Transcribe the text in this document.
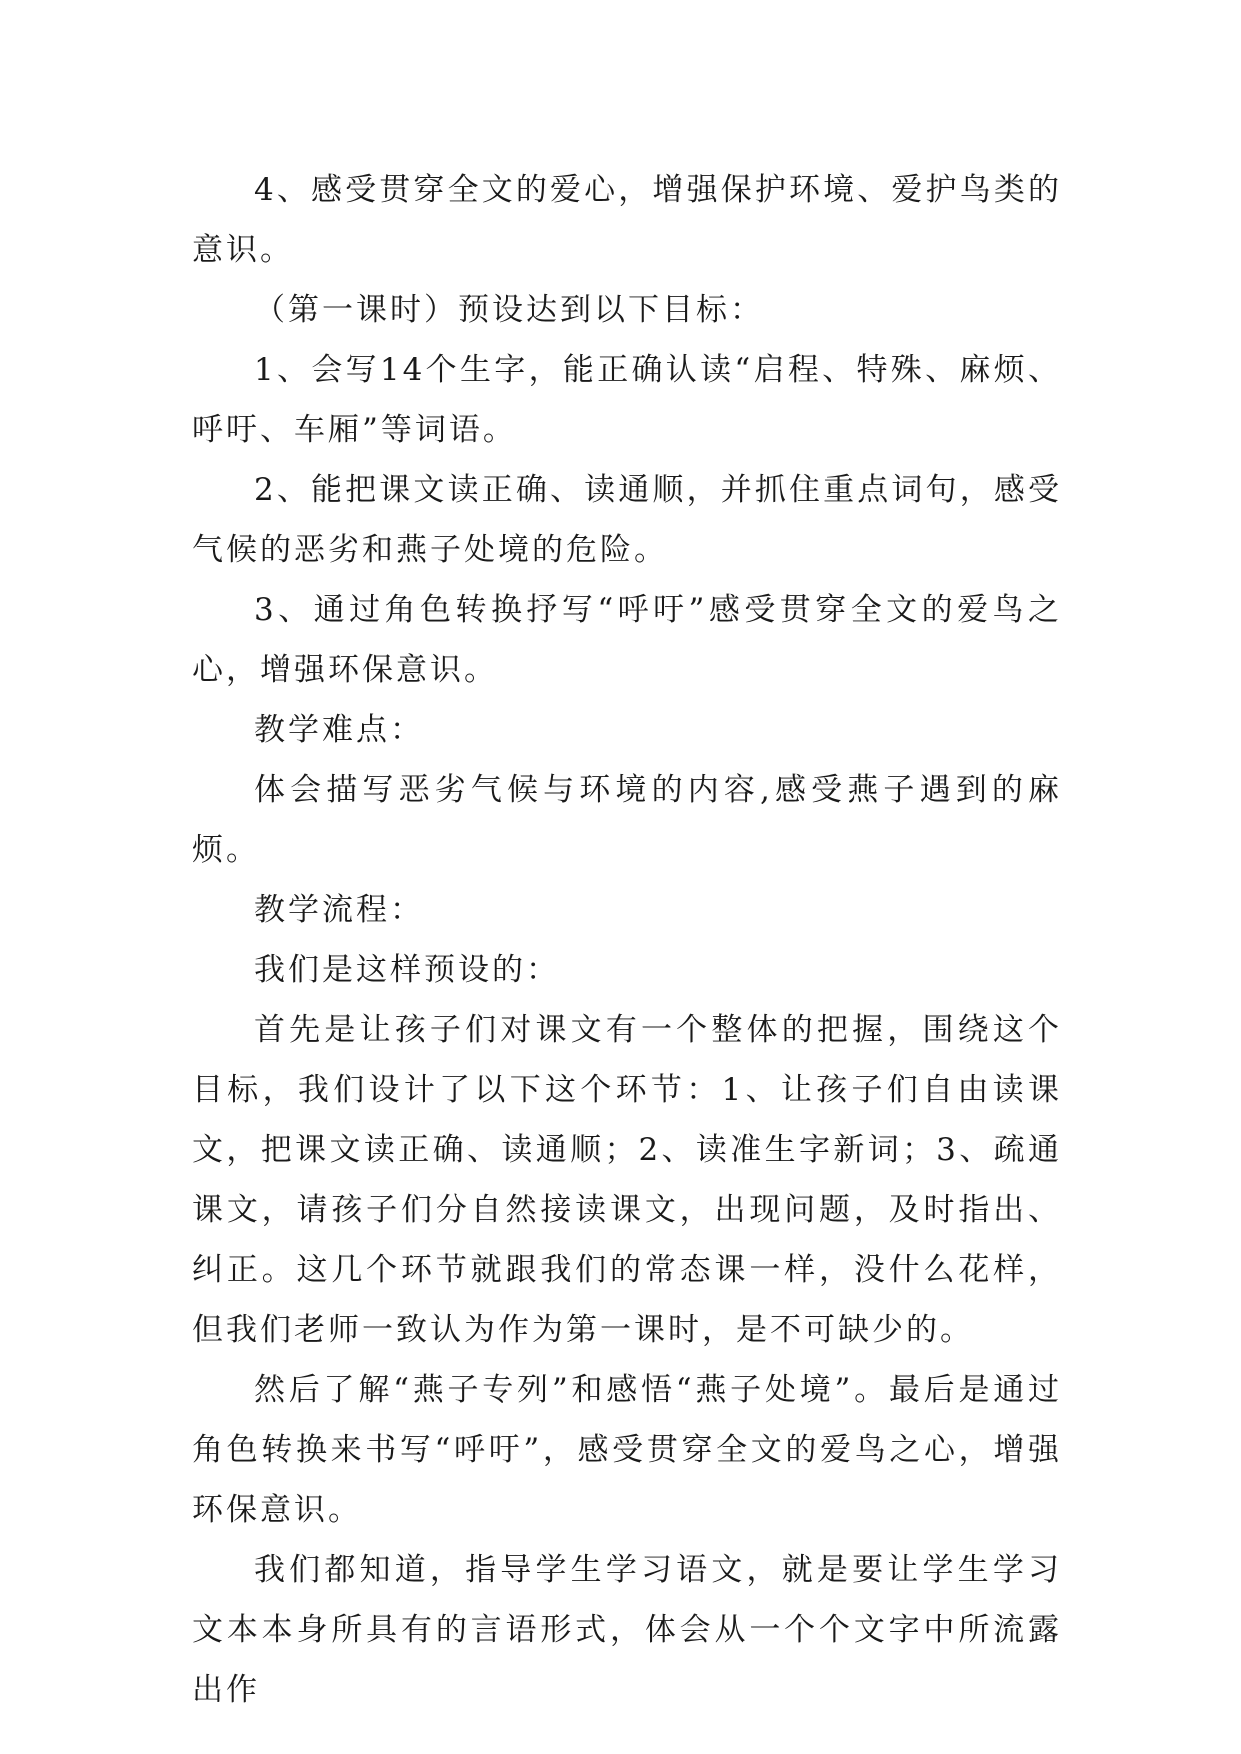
4、感受贯穿全文的爱心，增强保护环境、爱护鸟类的意识。

（第一课时）预设达到以下目标：

1、会写14个生字，能正确认读“启程、特殊、麻烦、呼吁、车厢”等词语。

2、能把课文读正确、读通顺，并抓住重点词句，感受气候的恶劣和燕子处境的危险。

3、通过角色转换抒写“呼吁”感受贯穿全文的爱鸟之心，增强环保意识。

教学难点：

体会描写恶劣气候与环境的内容,感受燕子遇到的麻烦。

教学流程：

我们是这样预设的：

首先是让孩子们对课文有一个整体的把握，围绕这个目标，我们设计了以下这个环节：1、让孩子们自由读课文，把课文读正确、读通顺；2、读准生字新词；3、疏通课文，请孩子们分自然接读课文，出现问题，及时指出、纠正。这几个环节就跟我们的常态课一样，没什么花样，但我们老师一致认为作为第一课时，是不可缺少的。

然后了解“燕子专列”和感悟“燕子处境”。最后是通过角色转换来书写“呼吁”，感受贯穿全文的爱鸟之心，增强环保意识。

我们都知道，指导学生学习语文，就是要让学生学习文本本身所具有的言语形式，体会从一个个文字中所流露出作
